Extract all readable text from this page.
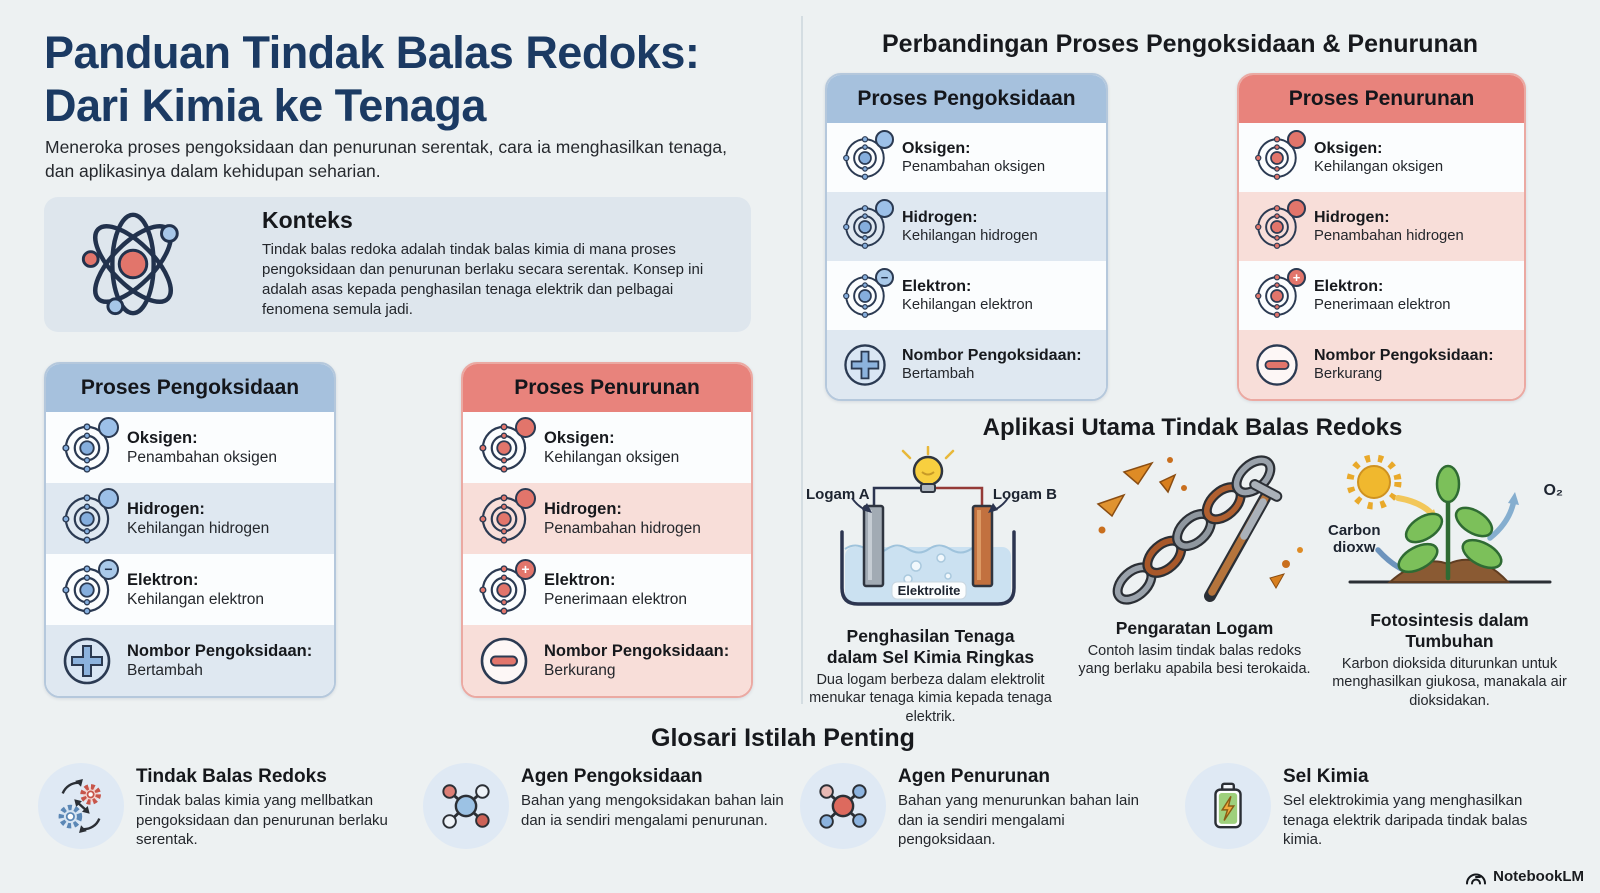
Panduan Tindak Balas Redoks:
Dari Kimia ke Tenaga
Meneroka proses pengoksidaan dan penurunan serentak, cara ia menghasilkan tenaga, dan aplikasinya dalam kehidupan seharian.
Konteks

Tindak balas redoka adalah tindak balas kimia di mana proses pengoksidaan dan penurunan berlaku secara serentak. Konsep ini adalah asas kepada penghasilan tenaga elektrik dan pelbagai fenomena semula jadi.

Proses Pengoksidaan
Oksigen:
Penambahan oksigen
Hidrogen:
Kehilangan hidrogen
−
Elektron:
Kehilangan elektron
Nombor Pengoksidaan:
Bertambah
Proses Penurunan
Oksigen:
Kehilangan oksigen
Hidrogen:
Penambahan hidrogen
+
Elektron:
Penerimaan elektron
Nombor Pengoksidaan:
Berkurang
Perbandingan Proses Pengoksidaan & Penurunan
Proses Pengoksidaan
Oksigen:
Penambahan oksigen
Hidrogen:
Kehilangan hidrogen
−
Elektron:
Kehilangan elektron
Nombor Pengoksidaan:
Bertambah
Proses Penurunan
Oksigen:
Kehilangan oksigen
Hidrogen:
Penambahan hidrogen
+
Elektron:
Penerimaan elektron
Nombor Pengoksidaan:
Berkurang
Aplikasi Utama Tindak Balas Redoks
Elektrolite
Logam A	Logam B
Penghasilan Tenaga
dalam Sel Kimia Ringkas
Dua logam berbeza dalam elektrolit menukar tenaga kimia kepada tenaga elektrik.
Pengaratan Logam
Contoh lasim tindak balas redoks yang berlaku apabila besi terokaida.
Carbon
dioxw
O₂
Fotosintesis dalam
Tumbuhan
Karbon dioksida diturunkan untuk menghasilkan giukosa, manakala air dioksidakan.
Glosari Istilah Penting
Tindak Balas Redoks

Tindak balas kimia yang mellbatkan pengoksidaan dan penurunan berlaku serentak.

Agen Pengoksidaan

Bahan yang mengoksidakan bahan lain dan ia sendiri mengalami penurunan.

Agen Penurunan

Bahan yang menurunkan bahan lain dan ia sendiri mengalami pengoksidaan.

Sel Kimia

Sel elektrokimia yang menghasilkan tenaga elektrik daripada tindak balas kimia.

NotebookLM
